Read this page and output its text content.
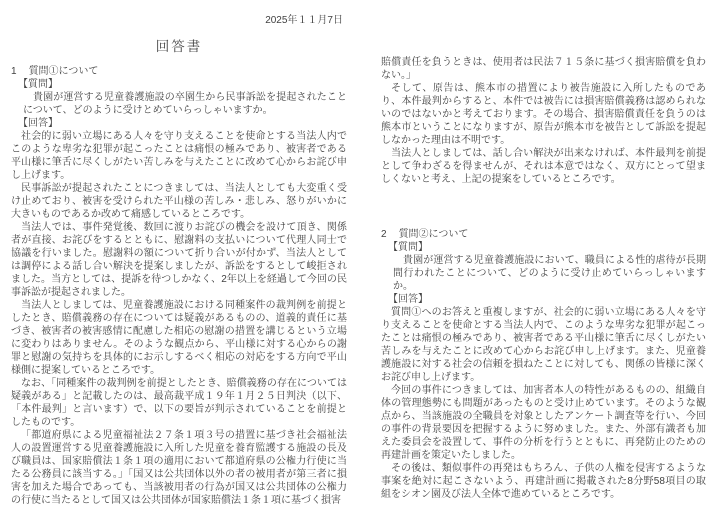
2025年１１月7日
回答書
1 質問①について
【質問】

貴園が運営する児童養護施設の卒園生から民事訴訟を提起されたことについて、どのように受けとめていらっしゃいますか。

【回答】

社会的に弱い立場にある人々を守り支えることを使命とする当法人内でこのような卑劣な犯罪が起こったことは痛恨の極みであり、被害者である平山様に筆舌に尽くしがたい苦しみを与えたことに改めて心からお詫び申し上げます。

民事訴訟が提起されたことにつきましては、当法人としても大変重く受け止めており、被害を受けられた平山様の苦しみ・悲しみ、怒りがいかに大きいものであるか改めて痛感しているところです。

当法人では、事件発覚後、数回に渡りお詫びの機会を設けて頂き、関係者が直接、お詫びをするとともに、慰謝料の支払いについて代理人同士で協議を行いました。慰謝料の額について折り合いが付かず、当法人としては調停による話し合い解決を提案しましたが、訴訟をするとして峻拒されました。当方としては、提訴を待つしかなく、2年以上を経過して今回の民事訴訟が提起されました。

当法人としましては、児童養護施設における同種案件の裁判例を前提としたとき、賠償義務の存在については疑義があるものの、道義的責任に基づき、被害者の被害感情に配慮した相応の慰謝の措置を講じるという立場に変わりはありません。そのような観点から、平山様に対する心からの謝罪と慰謝の気持ちを具体的にお示しするべく相応の対応をする方向で平山様側に提案しているところです。

なお、「同種案件の裁判例を前提としたとき、賠償義務の存在については疑義がある」と記載したのは、最高裁平成１９年１月２５日判決（以下、「本件最判」と言います）で、以下の要旨が判示されていることを前提としたものです。

「都道府県による児童福祉法２７条１項３号の措置に基づき社会福祉法人の設置運営する児童養護施設に入所した児童を養育監護する施設の長及び職員は、国家賠償法１条１項の適用において都道府県の公権力行使に当たる公務員に該当する。」「国又は公共団体以外の者の被用者が第三者に損害を加えた場合であっても、当該被用者の行為が国又は公共団体の公権力の行使に当たるとして国又は公共団体が国家賠償法１条１項に基づく損害

賠償責任を負うときは、使用者は民法７１５条に基づく損害賠償を負わない。」

そして、原告は、熊本市の措置により被告施設に入所したものであり、本件最判からすると、本件では被告には損害賠償義務は認められないのではないかと考えております。その場合、損害賠償責任を負うのは熊本市ということになりますが、原告が熊本市を被告として訴訟を提起しなかった理由は不明です。

当法人としましては、話し合い解決が出来なければ、本件最判を前提として争わざるを得ませんが、それは本意ではなく、双方にとって望ましくないと考え、上記の提案をしているところです。

2 質問②について
【質問】

貴園が運営する児童養護施設において、職員による性的虐待が長期間行われたことについて、どのように受け止めていらっしゃいますか。

【回答】

質問①へのお答えと重複しますが、社会的に弱い立場にある人々を守り支えることを使命とする当法人内で、このような卑劣な犯罪が起こったことは痛恨の極みであり、被害者である平山様に筆舌に尽くしがたい苦しみを与えたことに改めて心からお詫び申し上げます。また、児童養護施設に対する社会の信頼を損ねたことに対しても、関係の皆様に深くお詫び申し上げます。

今回の事件につきましては、加害者本人の特性があるものの、組織自体の管理態勢にも問題があったものと受け止めています。そのような観点から、当該施設の全職員を対象としたアンケート調査等を行い、今回の事件の背景要因を把握するように努めました。また、外部有識者も加えた委員会を設置して、事件の分析を行うとともに、再発防止のための再建計画を策定いたしました。

その後は、類似事件の再発はもちろん、子供の人権を侵害するような事案を絶対に起こさないよう、再建計画に掲載された8分野58項目の取組をシオン園及び法人全体で進めているところです。
